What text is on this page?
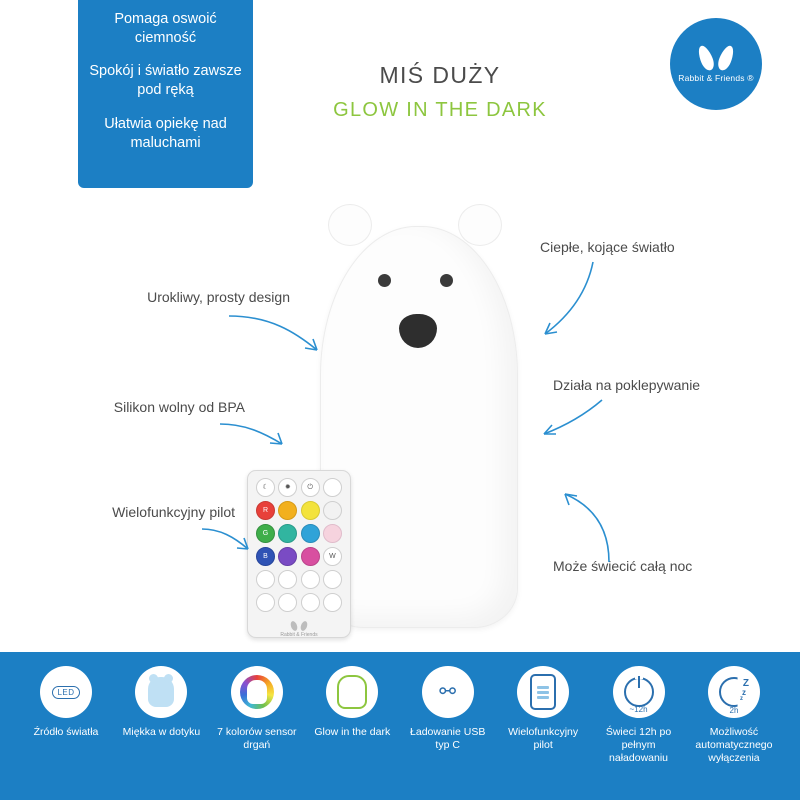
Pomaga oswoić ciemność

Spokój i światło zawsze pod ręką

Ułatwia opiekę nad maluchami

MIŚ DUŻY
GLOW IN THE DARK
Rabbit & Friends ®
☾	✹	⏻
R
G
B	W
Rabbit & Friends
Urokliwy, prosty design
Silikon wolny od BPA
Wielofunkcyjny pilot
Ciepłe, kojące światło
Działa na poklepywanie
Może świecić całą noc
LED
Źródło światła	Miękka w dotyku	7 kolorów sensor drgań
Glow in the dark
⚯
Ładowanie USB typ C
Wielofunkcyjny pilot
~12h
Świeci 12h po pełnym naładowaniu
Z
z
z
2h
Możliwość automatycznego wyłączenia
